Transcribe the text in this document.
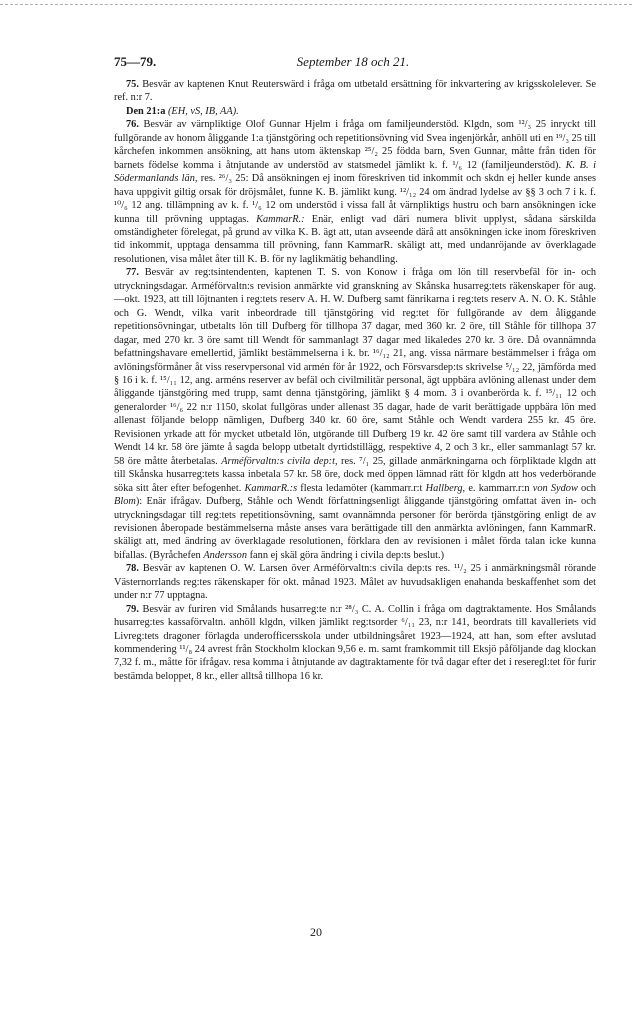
75—79.	September 18 och 21.

75. Besvär av kaptenen Knut Reuterswärd i fråga om utbetald ersättning för inkvartering av krigsskolelever. Se ref. n:r 7.

Den 21:a (EH, vS, IB, AA).

76. Besvär av värnpliktige Olof Gunnar Hjelm i fråga om familjeunderstöd. Klgdn, som ¹²/₃ 25 inryckt till fullgörande av honom åliggande 1:a tjänstgöring och repetitionsövning vid Svea ingenjörkår, anhöll uti en ¹⁹/₃ 25 till kårchefen inkommen ansökning, att hans utom äktenskap ²⁵/₂ 25 födda barn, Sven Gunnar, måtte från tiden för barnets födelse komma i åtnjutande av understöd av statsmedel jämlikt k. f. ¹/₆ 12 (familjeunderstöd). K. B. i Södermanlands län, res. ²⁶/₃ 25: Då ansökningen ej inom föreskriven tid inkommit och skdn ej heller kunde anses hava uppgivit giltig orsak för dröjsmålet, funne K. B. jämlikt kung. ¹²/₁₂ 24 om ändrad lydelse av §§ 3 och 7 i k. f. ¹⁰/₆ 12 ang. tillämpning av k. f. ¹/₆ 12 om understöd i vissa fall åt värnpliktigs hustru och barn ansökningen icke kunna till prövning upptagas. KammarR.: Enär, enligt vad däri numera blivit upplyst, sådana särskilda omständigheter förelegat, på grund av vilka K. B. ägt att, utan avseende därå att ansökningen icke inom föreskriven tid inkommit, upptaga densamma till prövning, fann KammarR. skäligt att, med undanröjande av överklagade resolutionen, visa målet åter till K. B. för ny laglikmätig behandling.

77. Besvär av reg:tsintendenten, kaptenen T. S. von Konow i fråga om lön till reservbefäl för in- och utryckningsdagar. Arméförvaltn:s revision anmärkte vid granskning av Skånska husarreg:tets räkenskaper för aug.—okt. 1923, att till löjtnanten i reg:tets reserv A. H. W. Dufberg samt fänrikarna i reg:tets reserv A. N. O. K. Ståhle och G. Wendt, vilka varit inbeordrade till tjänstgöring vid reg:tet för fullgörande av dem åliggande repetitionsövningar, utbetalts lön till Dufberg för tillhopa 37 dagar, med 360 kr. 2 öre, till Ståhle för tillhopa 37 dagar, med 270 kr. 3 öre samt till Wendt för sammanlagt 37 dagar med likaledes 270 kr. 3 öre. Då ovannämnda befattningshavare emellertid, jämlikt bestämmelserna i k. br. ¹⁶/₁₂ 21, ang. vissa närmare bestämmelser i fråga om avlöningsförmåner åt viss reservpersonal vid armén för år 1922, och Försvarsdep:ts skrivelse ⁵/₁₂ 22, jämförda med § 16 i k. f. ¹⁵/₁₁ 12, ang. arméns reserver av befäl och civilmilitär personal, ägt uppbära avlöning allenast under dem åliggande tjänstgöring med trupp, samt denna tjänstgöring, jämlikt § 4 mom. 3 i ovanberörda k. f. ¹⁵/₁₁ 12 och generalorder ¹⁶/₆ 22 n:r 1150, skolat fullgöras under allenast 35 dagar, hade de varit berättigade uppbära lön med allenast följande belopp nämligen, Dufberg 340 kr. 60 öre, samt Ståhle och Wendt vardera 255 kr. 45 öre. Revisionen yrkade att för mycket utbetald lön, utgörande till Dufberg 19 kr. 42 öre samt till vardera av Ståhle och Wendt 14 kr. 58 öre jämte å sagda belopp utbetalt dyrtidstillägg, respektive 4, 2 och 3 kr., eller sammanlagt 57 kr. 58 öre måtte återbetalas. Arméförvaltn:s civila dep:t, res. ⁷/₁ 25, gillade anmärkningarna och förpliktade klgdn att till Skånska husarreg:tets kassa inbetala 57 kr. 58 öre, dock med öppen lämnad rätt för klgdn att hos vederbörande söka sitt åter efter befogenhet. KammarR.:s flesta ledamöter (kammarr.r:t Hallberg, e. kammarr.r:n von Sydow och Blom): Enär ifrågav. Dufberg, Ståhle och Wendt författningsenligt åliggande tjänstgöring omfattat även in- och utryckningsdagar till reg:tets repetitionsövning, samt ovannämnda personer för berörda tjänstgöring enligt de av revisionen åberopade bestämmelserna måste anses vara berättigade till den anmärkta avlöningen, fann KammarR. skäligt att, med ändring av överklagade resolutionen, förklara den av revisionen i målet förda talan icke kunna bifallas. (Byråchefen Andersson fann ej skäl göra ändring i civila dep:ts beslut.)

78. Besvär av kaptenen O. W. Larsen över Arméförvaltn:s civila dep:ts res. ¹¹/₂ 25 i anmärkningsmål rörande Västernorrlands reg:tes räkenskaper för okt. månad 1923. Målet av huvudsakligen enahanda beskaffenhet som det under n:r 77 upptagna.

79. Besvär av furiren vid Smålands husarreg:te n:r ²⁸/₃ C. A. Collin i fråga om dagtraktamente. Hos Smålands husarreg:tes kassaförvaltn. anhöll klgdn, vilken jämlikt reg:tsorder ⁶/₁₁ 23, n:r 141, beordrats till kavalleriets vid Livreg:tets dragoner förlagda underofficersskola under utbildningsåret 1923—1924, att han, som efter avslutad kommendering ¹¹/₈ 24 avrest från Stockholm klockan 9,56 e. m. samt framkommit till Eksjö påföljande dag klockan 7,32 f. m., måtte för ifrågav. resa komma i åtnjutande av dagtraktamente för två dagar efter det i reseregl:tet för furir bestämda beloppet, 8 kr., eller alltså tillhopa 16 kr.

20
